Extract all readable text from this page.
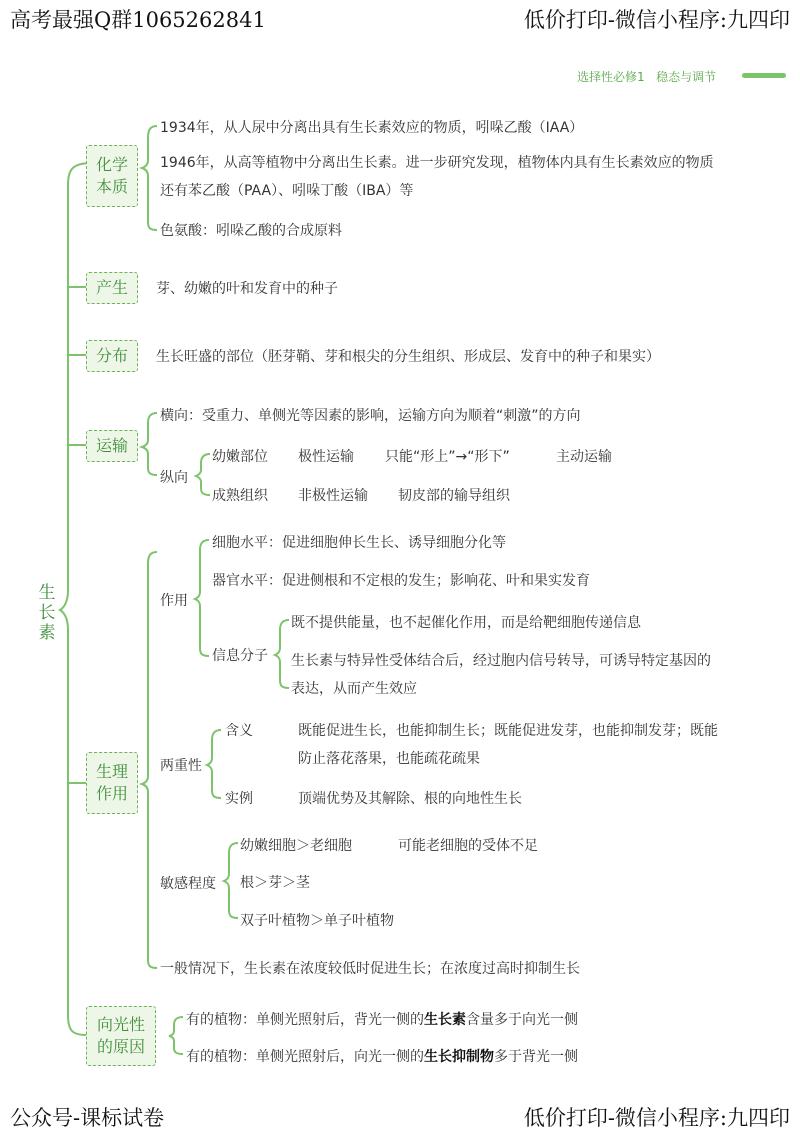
高考最强Q群1065262841	低价打印-微信小程序:九四印
公众号-课标试卷	低价打印-微信小程序:九四印
选择性必修1 稳态与调节
生长素
化学本质
1934年，从人尿中分离出具有生长素效应的物质，吲哚乙酸（IAA）
1946年，从高等植物中分离出生长素。进一步研究发现，植物体内具有生长素效应的物质
还有苯乙酸（PAA）、吲哚丁酸（IBA）等
色氨酸：吲哚乙酸的合成原料
产生	芽、幼嫩的叶和发育中的种子
分布	生长旺盛的部位（胚芽鞘、芽和根尖的分生组织、形成层、发育中的种子和果实）
运输
横向：受重力、单侧光等因素的影响，运输方向为顺着“刺激”的方向
纵向
幼嫩部位 极性运输 只能“形上”→“形下”	主动运输
成熟组织 非极性运输 韧皮部的输导组织
生理作用
作用
细胞水平：促进细胞伸长生长、诱导细胞分化等
器官水平：促进侧根和不定根的发生；影响花、叶和果实发育
信息分子
既不提供能量，也不起催化作用，而是给靶细胞传递信息
生长素与特异性受体结合后，经过胞内信号转导，可诱导特定基因的
表达，从而产生效应
两重性
含义	既能促进生长，也能抑制生长；既能促进发芽，也能抑制发芽；既能
防止落花落果，也能疏花疏果
实例	顶端优势及其解除、根的向地性生长
敏感程度
幼嫩细胞＞老细胞	可能老细胞的受体不足
根＞芽＞茎
双子叶植物＞单子叶植物
一般情况下，生长素在浓度较低时促进生长；在浓度过高时抑制生长
向光性的原因
有的植物：单侧光照射后，背光一侧的生长素含量多于向光一侧
有的植物：单侧光照射后，向光一侧的生长抑制物多于背光一侧
